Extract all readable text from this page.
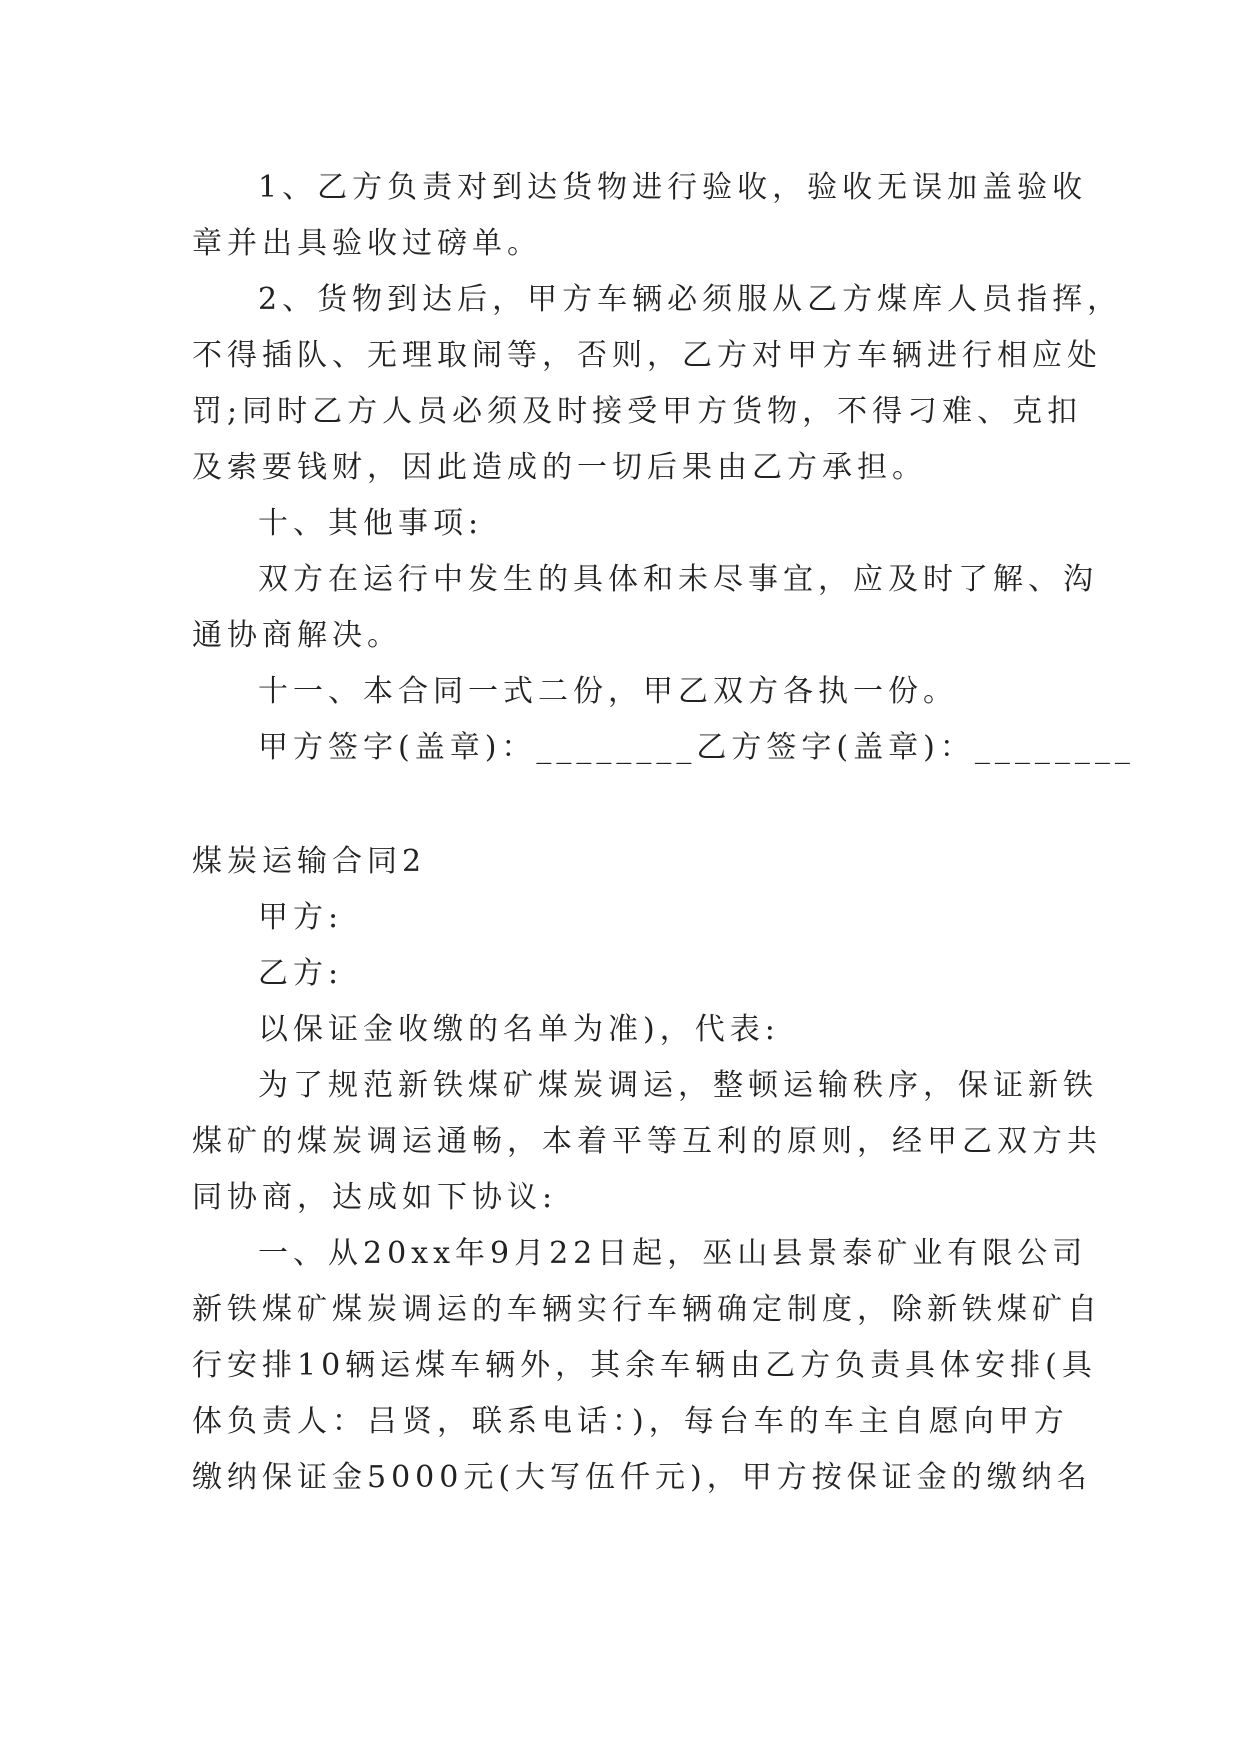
1、乙方负责对到达货物进行验收，验收无误加盖验收
章并出具验收过磅单。
2、货物到达后，甲方车辆必须服从乙方煤库人员指挥，
不得插队、无理取闹等，否则，乙方对甲方车辆进行相应处
罚;同时乙方人员必须及时接受甲方货物，不得刁难、克扣
及索要钱财，因此造成的一切后果由乙方承担。
十、其他事项:
双方在运行中发生的具体和未尽事宜，应及时了解、沟
通协商解决。
十一、本合同一式二份，甲乙双方各执一份。
甲方签字(盖章)：________乙方签字(盖章)：________
煤炭运输合同2
甲方:
乙方:
以保证金收缴的名单为准)，代表:
为了规范新铁煤矿煤炭调运，整顿运输秩序，保证新铁
煤矿的煤炭调运通畅，本着平等互利的原则，经甲乙双方共
同协商，达成如下协议:
一、从20xx年9月22日起，巫山县景泰矿业有限公司
新铁煤矿煤炭调运的车辆实行车辆确定制度，除新铁煤矿自
行安排10辆运煤车辆外，其余车辆由乙方负责具体安排(具
体负责人：吕贤，联系电话：)，每台车的车主自愿向甲方
缴纳保证金5000元(大写伍仟元)，甲方按保证金的缴纳名
